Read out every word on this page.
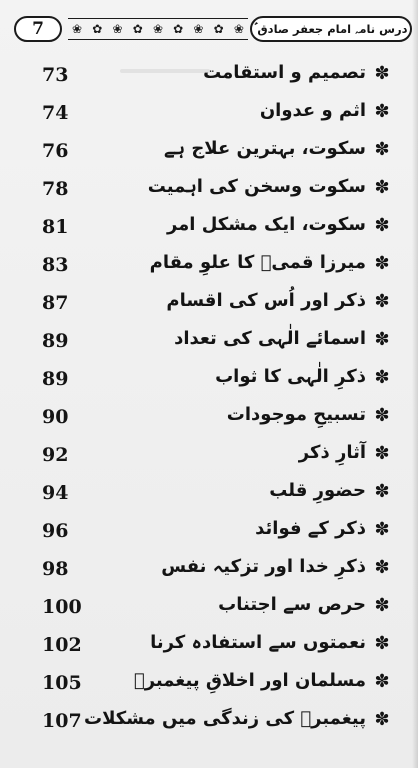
7 ❀ ✿ ❀ ✿ ❀ ✿ ❀ ✿ ❀ درس نامہ امام جعفر صادق ؑ
73	تصمیم و استقامت ✽
74	اثم و عدوان ✽
76	سکوت، بہترین علاج ہے ✽
78	سکوت وسخن کی اہمیت ✽
81	سکوت، ایک مشکل امر ✽
83	میرزا قمیؒ کا علوِ مقام ✽
87	ذکر اور اُس کی اقسام ✽
89	اسمائے الٰہی کی تعداد ✽
89	ذکرِ الٰہی کا ثواب ✽
90	تسبیحِ موجودات ✽
92	آثارِ ذکر ✽
94	حضورِ قلب ✽
96	ذکر کے فوائد ✽
98	ذکرِ خدا اور تزکیہ نفس ✽
100	حرص سے اجتناب ✽
102	نعمتوں سے استفادہ کرنا ✽
105	مسلمان اور اخلاقِ پیغمبرؐ ✽
107 پیغمبرؐ کی زندگی میں مشکلات ✽
